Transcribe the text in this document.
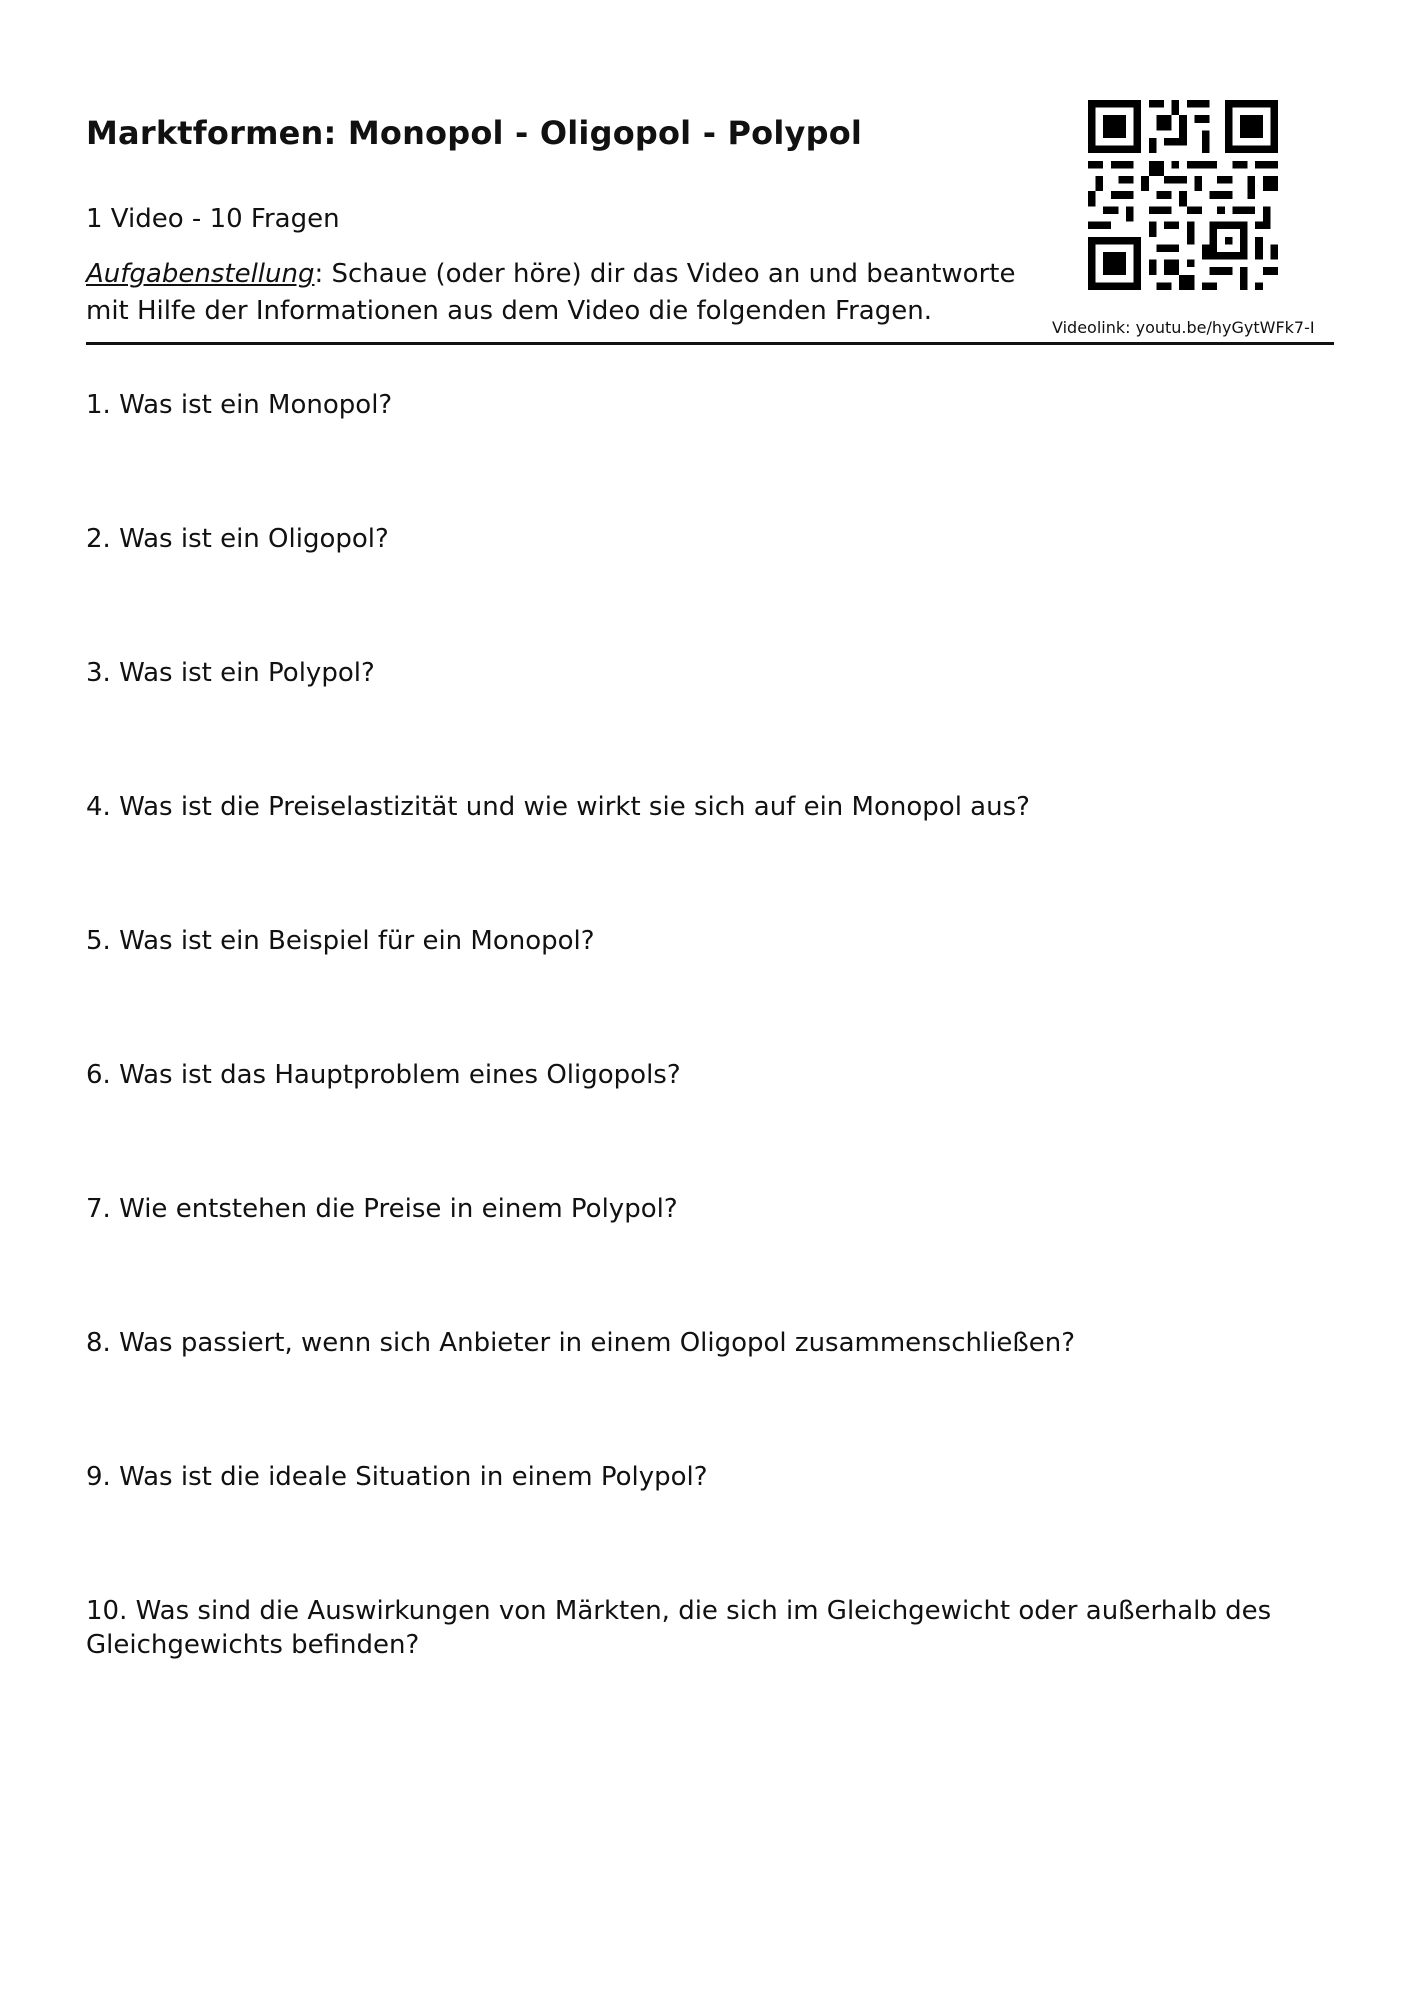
Marktformen: Monopol - Oligopol - Polypol
1 Video - 10 Fragen
Aufgabenstellung: Schaue (oder höre) dir das Video an und beantworte mit Hilfe der Informationen aus dem Video die folgenden Fragen.
Videolink: youtu.be/hyGytWFk7-I
1. Was ist ein Monopol?
2. Was ist ein Oligopol?
3. Was ist ein Polypol?
4. Was ist die Preiselastizität und wie wirkt sie sich auf ein Monopol aus?
5. Was ist ein Beispiel für ein Monopol?
6. Was ist das Hauptproblem eines Oligopols?
7. Wie entstehen die Preise in einem Polypol?
8. Was passiert, wenn sich Anbieter in einem Oligopol zusammenschließen?
9. Was ist die ideale Situation in einem Polypol?
10. Was sind die Auswirkungen von Märkten, die sich im Gleichgewicht oder außerhalb des Gleichgewichts befinden?
